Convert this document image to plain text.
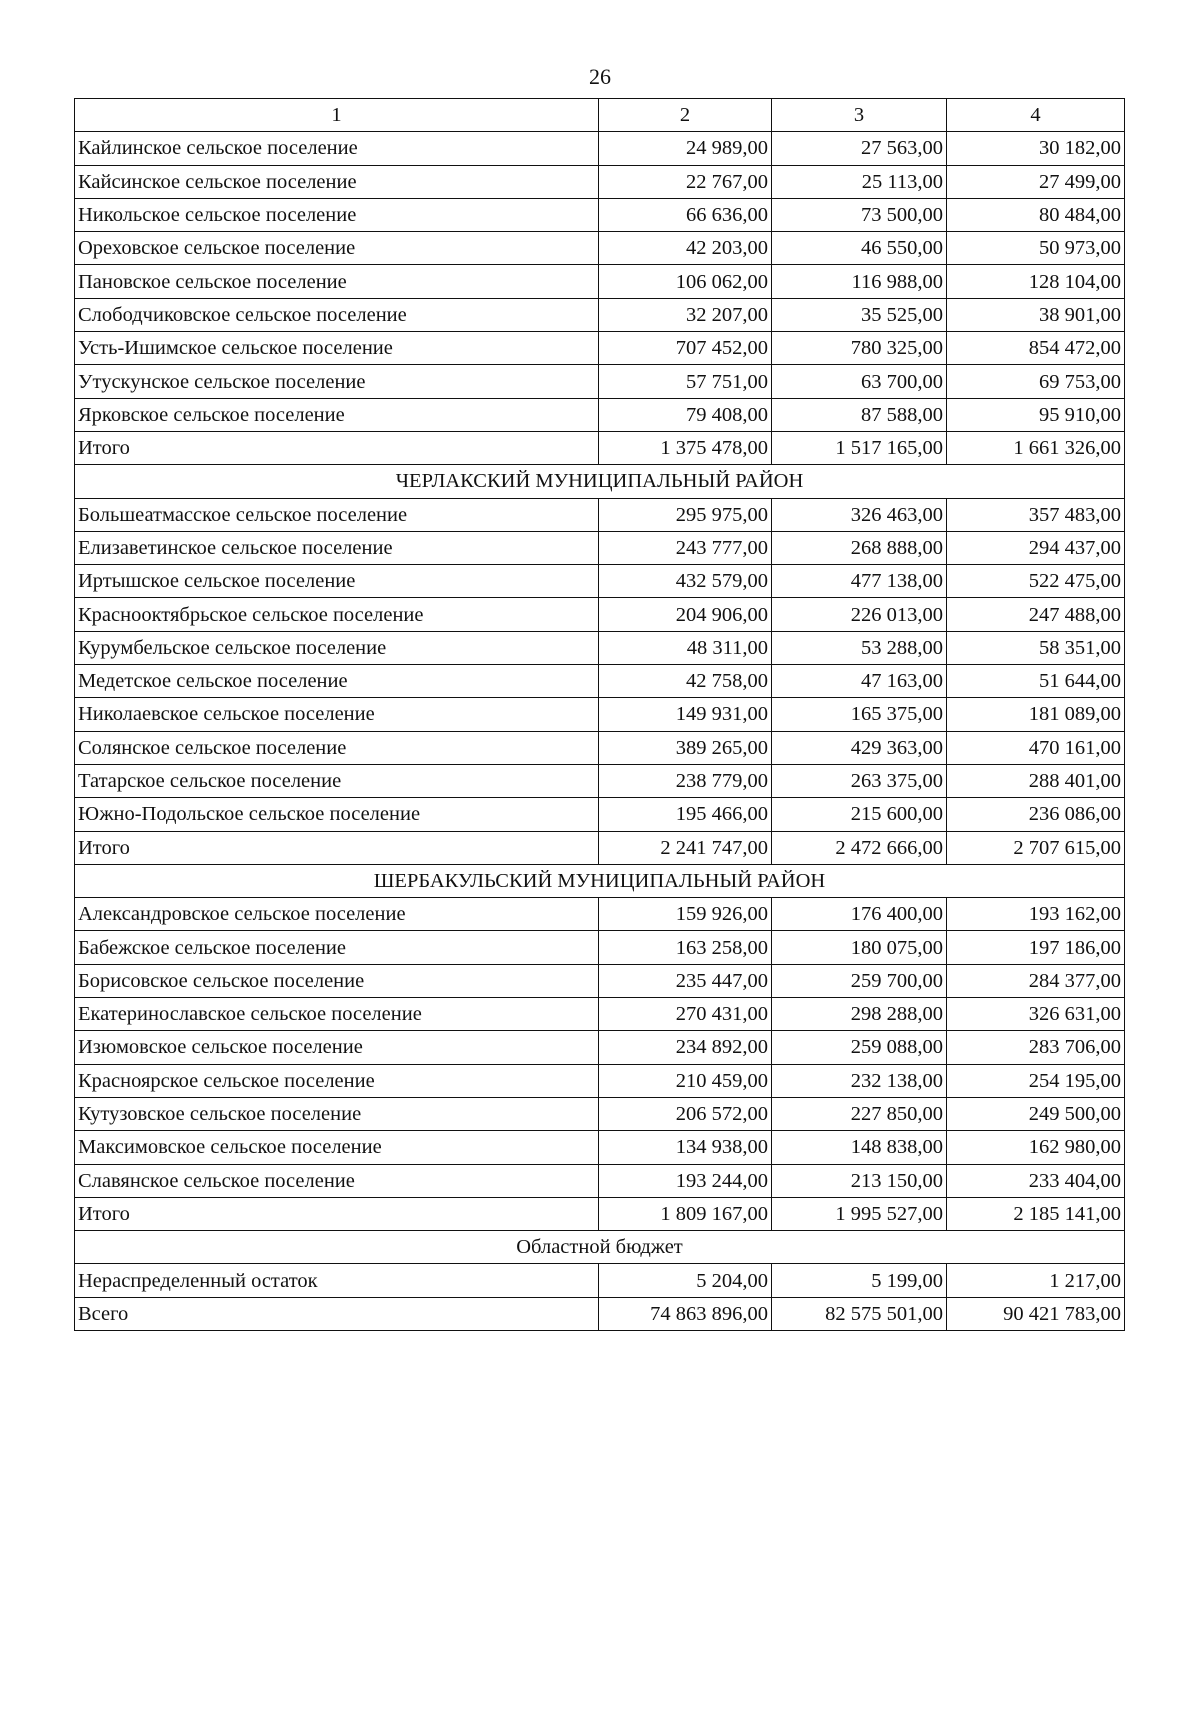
26
1	2	3	4
Кайлинское сельское поселение	24 989,00	27 563,00	30 182,00
Кайсинское сельское поселение	22 767,00	25 113,00	27 499,00
Никольское сельское поселение	66 636,00	73 500,00	80 484,00
Ореховское сельское поселение	42 203,00	46 550,00	50 973,00
Пановское сельское поселение	106 062,00	116 988,00	128 104,00
Слободчиковское сельское поселение	32 207,00	35 525,00	38 901,00
Усть-Ишимское сельское поселение	707 452,00	780 325,00	854 472,00
Утускунское сельское поселение	57 751,00	63 700,00	69 753,00
Ярковское сельское поселение	79 408,00	87 588,00	95 910,00
Итого	1 375 478,00	1 517 165,00	1 661 326,00
ЧЕРЛАКСКИЙ МУНИЦИПАЛЬНЫЙ РАЙОН			
Большеатмасское сельское поселение	295 975,00	326 463,00	357 483,00
Елизаветинское сельское поселение	243 777,00	268 888,00	294 437,00
Иртышское сельское поселение	432 579,00	477 138,00	522 475,00
Краснооктябрьское сельское поселение	204 906,00	226 013,00	247 488,00
Курумбельское сельское поселение	48 311,00	53 288,00	58 351,00
Медетское сельское поселение	42 758,00	47 163,00	51 644,00
Николаевское сельское поселение	149 931,00	165 375,00	181 089,00
Солянское сельское поселение	389 265,00	429 363,00	470 161,00
Татарское сельское поселение	238 779,00	263 375,00	288 401,00
Южно-Подольское сельское поселение	195 466,00	215 600,00	236 086,00
Итого	2 241 747,00	2 472 666,00	2 707 615,00
ШЕРБАКУЛЬСКИЙ МУНИЦИПАЛЬНЫЙ РАЙОН			
Александровское сельское поселение	159 926,00	176 400,00	193 162,00
Бабежское сельское поселение	163 258,00	180 075,00	197 186,00
Борисовское сельское поселение	235 447,00	259 700,00	284 377,00
Екатеринославское сельское поселение	270 431,00	298 288,00	326 631,00
Изюмовское сельское поселение	234 892,00	259 088,00	283 706,00
Красноярское сельское поселение	210 459,00	232 138,00	254 195,00
Кутузовское сельское поселение	206 572,00	227 850,00	249 500,00
Максимовское сельское поселение	134 938,00	148 838,00	162 980,00
Славянское сельское поселение	193 244,00	213 150,00	233 404,00
Итого	1 809 167,00	1 995 527,00	2 185 141,00
Областной бюджет			
Нераспределенный остаток	5 204,00	5 199,00	1 217,00
Всего	74 863 896,00	82 575 501,00	90 421 783,00
